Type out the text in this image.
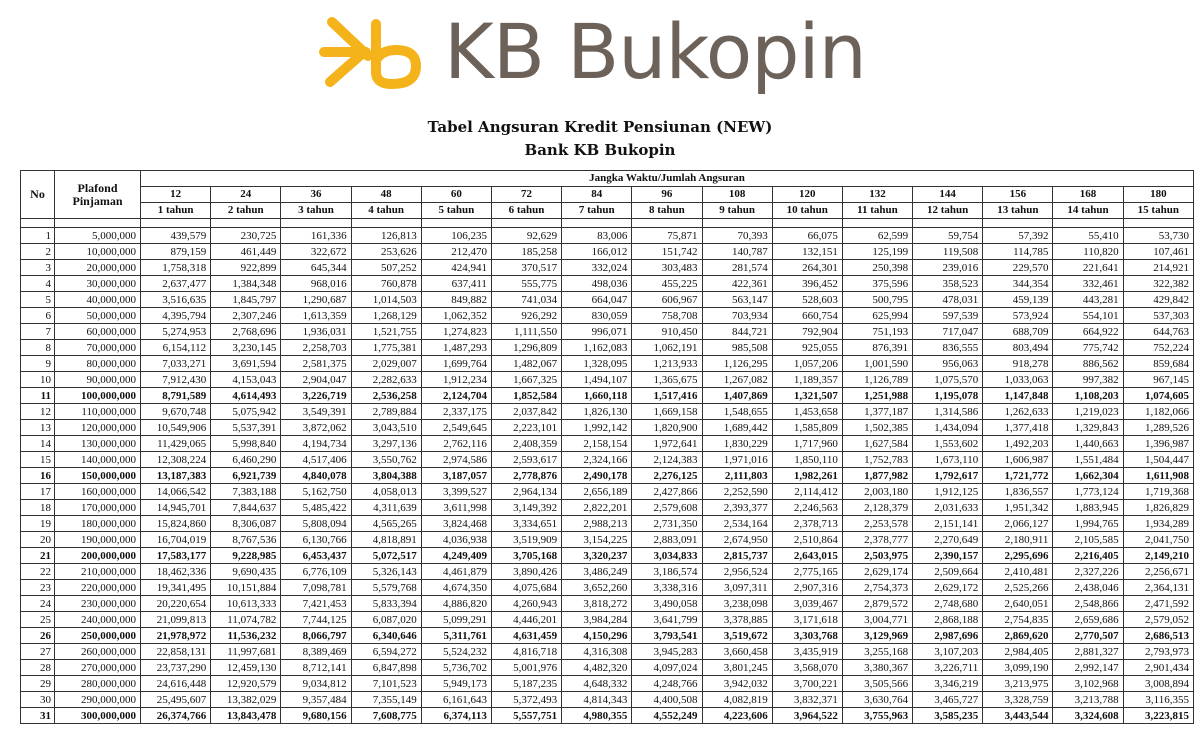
KB Bukopin
Tabel Angsuran Kredit Pensiunan (NEW)
Bank KB Bukopin
No	Plafond Pinjaman	Jangka Waktu/Jumlah Angsuran														
		12	24	36	48	60	72	84	96	108	120	132	144	156	168	180
		1 tahun	2 tahun	3 tahun	4 tahun	5 tahun	6 tahun	7 tahun	8 tahun	9 tahun	10 tahun	11 tahun	12 tahun	13 tahun	14 tahun	15 tahun

1	5,000,000	439,579	230,725	161,336	126,813	106,235	92,629	83,006	75,871	70,393	66,075	62,599	59,754	57,392	55,410	53,730
2	10,000,000	879,159	461,449	322,672	253,626	212,470	185,258	166,012	151,742	140,787	132,151	125,199	119,508	114,785	110,820	107,461
3	20,000,000	1,758,318	922,899	645,344	507,252	424,941	370,517	332,024	303,483	281,574	264,301	250,398	239,016	229,570	221,641	214,921
4	30,000,000	2,637,477	1,384,348	968,016	760,878	637,411	555,775	498,036	455,225	422,361	396,452	375,596	358,523	344,354	332,461	322,382
5	40,000,000	3,516,635	1,845,797	1,290,687	1,014,503	849,882	741,034	664,047	606,967	563,147	528,603	500,795	478,031	459,139	443,281	429,842
6	50,000,000	4,395,794	2,307,246	1,613,359	1,268,129	1,062,352	926,292	830,059	758,708	703,934	660,754	625,994	597,539	573,924	554,101	537,303
7	60,000,000	5,274,953	2,768,696	1,936,031	1,521,755	1,274,823	1,111,550	996,071	910,450	844,721	792,904	751,193	717,047	688,709	664,922	644,763
8	70,000,000	6,154,112	3,230,145	2,258,703	1,775,381	1,487,293	1,296,809	1,162,083	1,062,191	985,508	925,055	876,391	836,555	803,494	775,742	752,224
9	80,000,000	7,033,271	3,691,594	2,581,375	2,029,007	1,699,764	1,482,067	1,328,095	1,213,933	1,126,295	1,057,206	1,001,590	956,063	918,278	886,562	859,684
10	90,000,000	7,912,430	4,153,043	2,904,047	2,282,633	1,912,234	1,667,325	1,494,107	1,365,675	1,267,082	1,189,357	1,126,789	1,075,570	1,033,063	997,382	967,145
11	100,000,000	8,791,589	4,614,493	3,226,719	2,536,258	2,124,704	1,852,584	1,660,118	1,517,416	1,407,869	1,321,507	1,251,988	1,195,078	1,147,848	1,108,203	1,074,605
12	110,000,000	9,670,748	5,075,942	3,549,391	2,789,884	2,337,175	2,037,842	1,826,130	1,669,158	1,548,655	1,453,658	1,377,187	1,314,586	1,262,633	1,219,023	1,182,066
13	120,000,000	10,549,906	5,537,391	3,872,062	3,043,510	2,549,645	2,223,101	1,992,142	1,820,900	1,689,442	1,585,809	1,502,385	1,434,094	1,377,418	1,329,843	1,289,526
14	130,000,000	11,429,065	5,998,840	4,194,734	3,297,136	2,762,116	2,408,359	2,158,154	1,972,641	1,830,229	1,717,960	1,627,584	1,553,602	1,492,203	1,440,663	1,396,987
15	140,000,000	12,308,224	6,460,290	4,517,406	3,550,762	2,974,586	2,593,617	2,324,166	2,124,383	1,971,016	1,850,110	1,752,783	1,673,110	1,606,987	1,551,484	1,504,447
16	150,000,000	13,187,383	6,921,739	4,840,078	3,804,388	3,187,057	2,778,876	2,490,178	2,276,125	2,111,803	1,982,261	1,877,982	1,792,617	1,721,772	1,662,304	1,611,908
17	160,000,000	14,066,542	7,383,188	5,162,750	4,058,013	3,399,527	2,964,134	2,656,189	2,427,866	2,252,590	2,114,412	2,003,180	1,912,125	1,836,557	1,773,124	1,719,368
18	170,000,000	14,945,701	7,844,637	5,485,422	4,311,639	3,611,998	3,149,392	2,822,201	2,579,608	2,393,377	2,246,563	2,128,379	2,031,633	1,951,342	1,883,945	1,826,829
19	180,000,000	15,824,860	8,306,087	5,808,094	4,565,265	3,824,468	3,334,651	2,988,213	2,731,350	2,534,164	2,378,713	2,253,578	2,151,141	2,066,127	1,994,765	1,934,289
20	190,000,000	16,704,019	8,767,536	6,130,766	4,818,891	4,036,938	3,519,909	3,154,225	2,883,091	2,674,950	2,510,864	2,378,777	2,270,649	2,180,911	2,105,585	2,041,750
21	200,000,000	17,583,177	9,228,985	6,453,437	5,072,517	4,249,409	3,705,168	3,320,237	3,034,833	2,815,737	2,643,015	2,503,975	2,390,157	2,295,696	2,216,405	2,149,210
22	210,000,000	18,462,336	9,690,435	6,776,109	5,326,143	4,461,879	3,890,426	3,486,249	3,186,574	2,956,524	2,775,165	2,629,174	2,509,664	2,410,481	2,327,226	2,256,671
23	220,000,000	19,341,495	10,151,884	7,098,781	5,579,768	4,674,350	4,075,684	3,652,260	3,338,316	3,097,311	2,907,316	2,754,373	2,629,172	2,525,266	2,438,046	2,364,131
24	230,000,000	20,220,654	10,613,333	7,421,453	5,833,394	4,886,820	4,260,943	3,818,272	3,490,058	3,238,098	3,039,467	2,879,572	2,748,680	2,640,051	2,548,866	2,471,592
25	240,000,000	21,099,813	11,074,782	7,744,125	6,087,020	5,099,291	4,446,201	3,984,284	3,641,799	3,378,885	3,171,618	3,004,771	2,868,188	2,754,835	2,659,686	2,579,052
26	250,000,000	21,978,972	11,536,232	8,066,797	6,340,646	5,311,761	4,631,459	4,150,296	3,793,541	3,519,672	3,303,768	3,129,969	2,987,696	2,869,620	2,770,507	2,686,513
27	260,000,000	22,858,131	11,997,681	8,389,469	6,594,272	5,524,232	4,816,718	4,316,308	3,945,283	3,660,458	3,435,919	3,255,168	3,107,203	2,984,405	2,881,327	2,793,973
28	270,000,000	23,737,290	12,459,130	8,712,141	6,847,898	5,736,702	5,001,976	4,482,320	4,097,024	3,801,245	3,568,070	3,380,367	3,226,711	3,099,190	2,992,147	2,901,434
29	280,000,000	24,616,448	12,920,579	9,034,812	7,101,523	5,949,173	5,187,235	4,648,332	4,248,766	3,942,032	3,700,221	3,505,566	3,346,219	3,213,975	3,102,968	3,008,894
30	290,000,000	25,495,607	13,382,029	9,357,484	7,355,149	6,161,643	5,372,493	4,814,343	4,400,508	4,082,819	3,832,371	3,630,764	3,465,727	3,328,759	3,213,788	3,116,355
31	300,000,000	26,374,766	13,843,478	9,680,156	7,608,775	6,374,113	5,557,751	4,980,355	4,552,249	4,223,606	3,964,522	3,755,963	3,585,235	3,443,544	3,324,608	3,223,815
